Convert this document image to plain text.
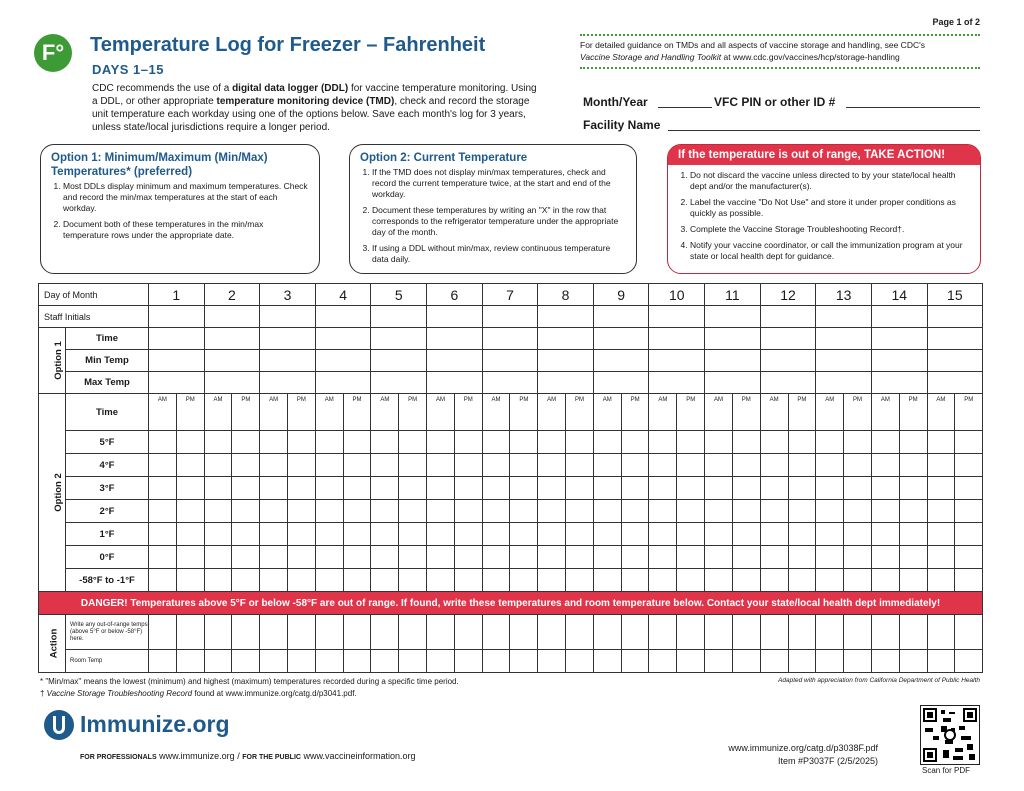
Page 1 of 2
F°	Temperature Log for Freezer – Fahrenheit
DAYS 1–15
CDC recommends the use of a digital data logger (DDL) for vaccine temperature monitoring. Using a DDL, or other appropriate temperature monitoring device (TMD), check and record the storage unit temperature each workday using one of the options below. Save each month's log for 3 years, unless state/local jurisdictions require a longer period.
For detailed guidance on TMDs and all aspects of vaccine storage and handling, see CDC's
Vaccine Storage and Handling Toolkit at www.cdc.gov/vaccines/hcp/storage-handling
Month/Year	VFC PIN or other ID #
Facility Name
Option 1: Minimum/Maximum (Min/Max) Temperatures* (preferred)
1. Most DDLs display minimum and maximum temperatures. Check and record the min/max temperatures at the start of each workday.
2. Document both of these temperatures in the min/max temperature rows under the appropriate date.
Option 2: Current Temperature
1. If the TMD does not display min/max temperatures, check and record the current temperature twice, at the start and end of the workday.
2. Document these temperatures by writing an "X" in the row that corresponds to the refrigerator temperature under the appropriate day of the month.
3. If using a DDL without min/max, review continuous temperature data daily.
If the temperature is out of range, TAKE ACTION!
1. Do not discard the vaccine unless directed to by your state/local health dept and/or the manufacturer(s).
2. Label the vaccine "Do Not Use" and store it under proper conditions as quickly as possible.
3. Complete the Vaccine Storage Troubleshooting Record†.
4. Notify your vaccine coordinator, or call the immunization program at your state or local health dept for guidance.
Day of Month		1		2		3		4		5		6		7		8		9		10		11		12		13		14		15	
Staff Initials																															
Option 1	Time																														
	Min Temp																														
	Max Temp																														
Option 2	Time	AM	PM	AM	PM	AM	PM	AM	PM	AM	PM	AM	PM	AM	PM	AM	PM	AM	PM	AM	PM	AM	PM	AM	PM	AM	PM	AM	PM	AM	PM
	5°F																														
	4°F																														
	3°F																														
	2°F																														
	1°F																														
	0°F																														
	-58°F to -1°F																														
DANGER! Temperatures above 5°F or below -58°F are out of range. If found, write these temperatures and room temperature below. Contact your state/local health dept immediately!																															
Action	Write any out-of-range temps (above 5°F or below -58°F) here.																														
	Room Temp																														
* "Min/max" means the lowest (minimum) and highest (maximum) temperatures recorded during a specific time period.
† Vaccine Storage Troubleshooting Record found at www.immunize.org/catg.d/p3041.pdf.
Adapted with appreciation from California Department of Public Health
Immunize.org
FOR PROFESSIONALS www.immunize.org / FOR THE PUBLIC www.vaccineinformation.org
www.immunize.org/catg.d/p3038F.pdf
Item #P3037F (2/5/2025)
Scan for PDF
